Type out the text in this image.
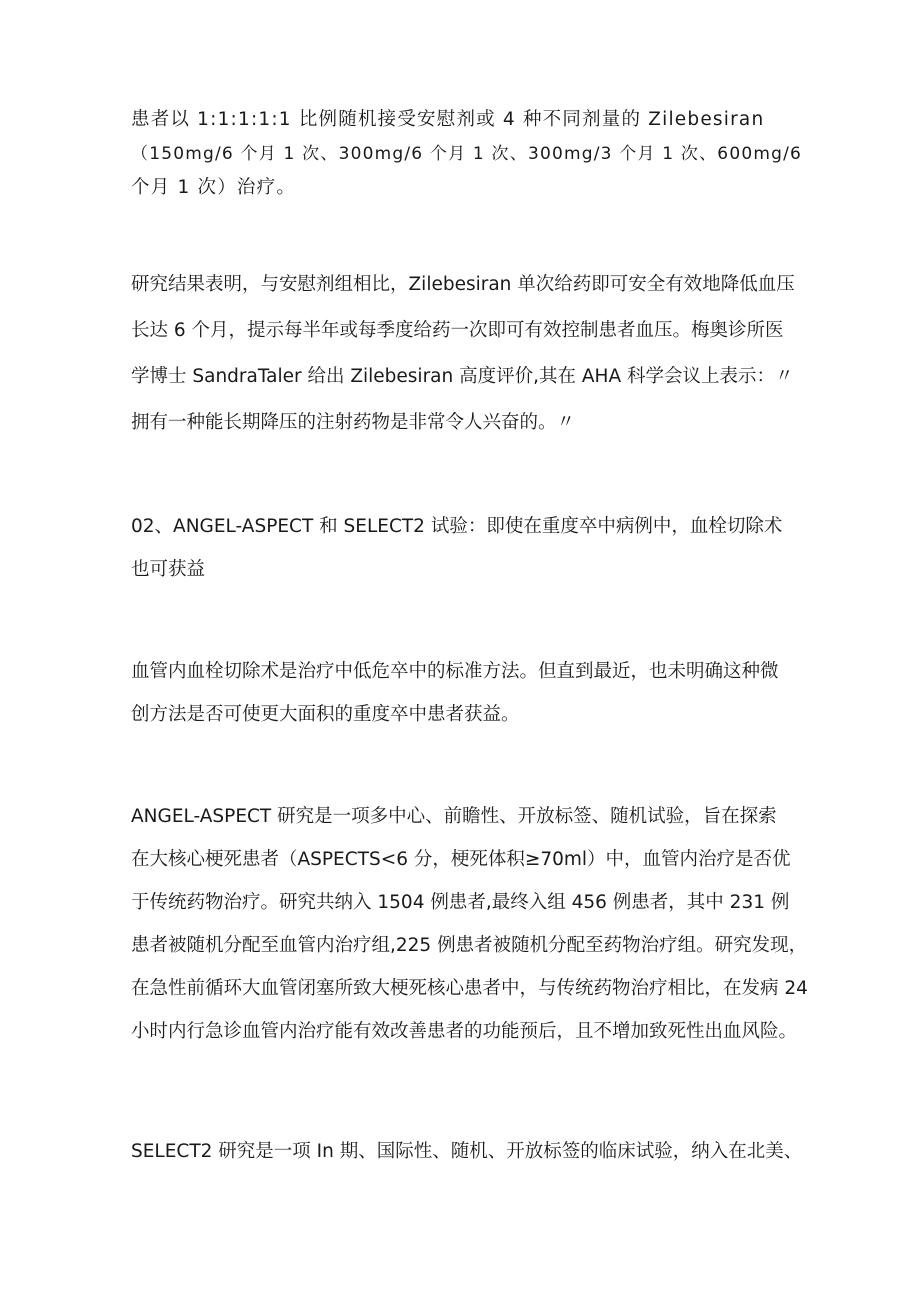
患者以 1:1:1:1:1 比例随机接受安慰剂或 4 种不同剂量的 Zilebesiran
（150mg/6 个月 1 次、300mg/6 个月 1 次、300mg/3 个月 1 次、600mg/6
个月 1 次）治疗。
研究结果表明，与安慰剂组相比，Zilebesiran 单次给药即可安全有效地降低血压
长达 6 个月，提示每半年或每季度给药一次即可有效控制患者血压。梅奥诊所医
学博士 SandraTaler 给出 Zilebesiran 高度评价,其在 AHA 科学会议上表示：〃
拥有一种能长期降压的注射药物是非常令人兴奋的。〃
02、ANGEL-ASPECT 和 SELECT2 试验：即使在重度卒中病例中，血栓切除术
也可获益
血管内血栓切除术是治疗中低危卒中的标准方法。但直到最近，也未明确这种微
创方法是否可使更大面积的重度卒中患者获益。
ANGEL-ASPECT 研究是一项多中心、前瞻性、开放标签、随机试验，旨在探索
在大核心梗死患者（ASPECTS<6 分，梗死体积≥70ml）中，血管内治疗是否优
于传统药物治疗。研究共纳入 1504 例患者,最终入组 456 例患者，其中 231 例
患者被随机分配至血管内治疗组,225 例患者被随机分配至药物治疗组。研究发现，
在急性前循环大血管闭塞所致大梗死核心患者中，与传统药物治疗相比，在发病 24
小时内行急诊血管内治疗能有效改善患者的功能预后，且不增加致死性出血风险。
SELECT2 研究是一项 In 期、国际性、随机、开放标签的临床试验，纳入在北美、
